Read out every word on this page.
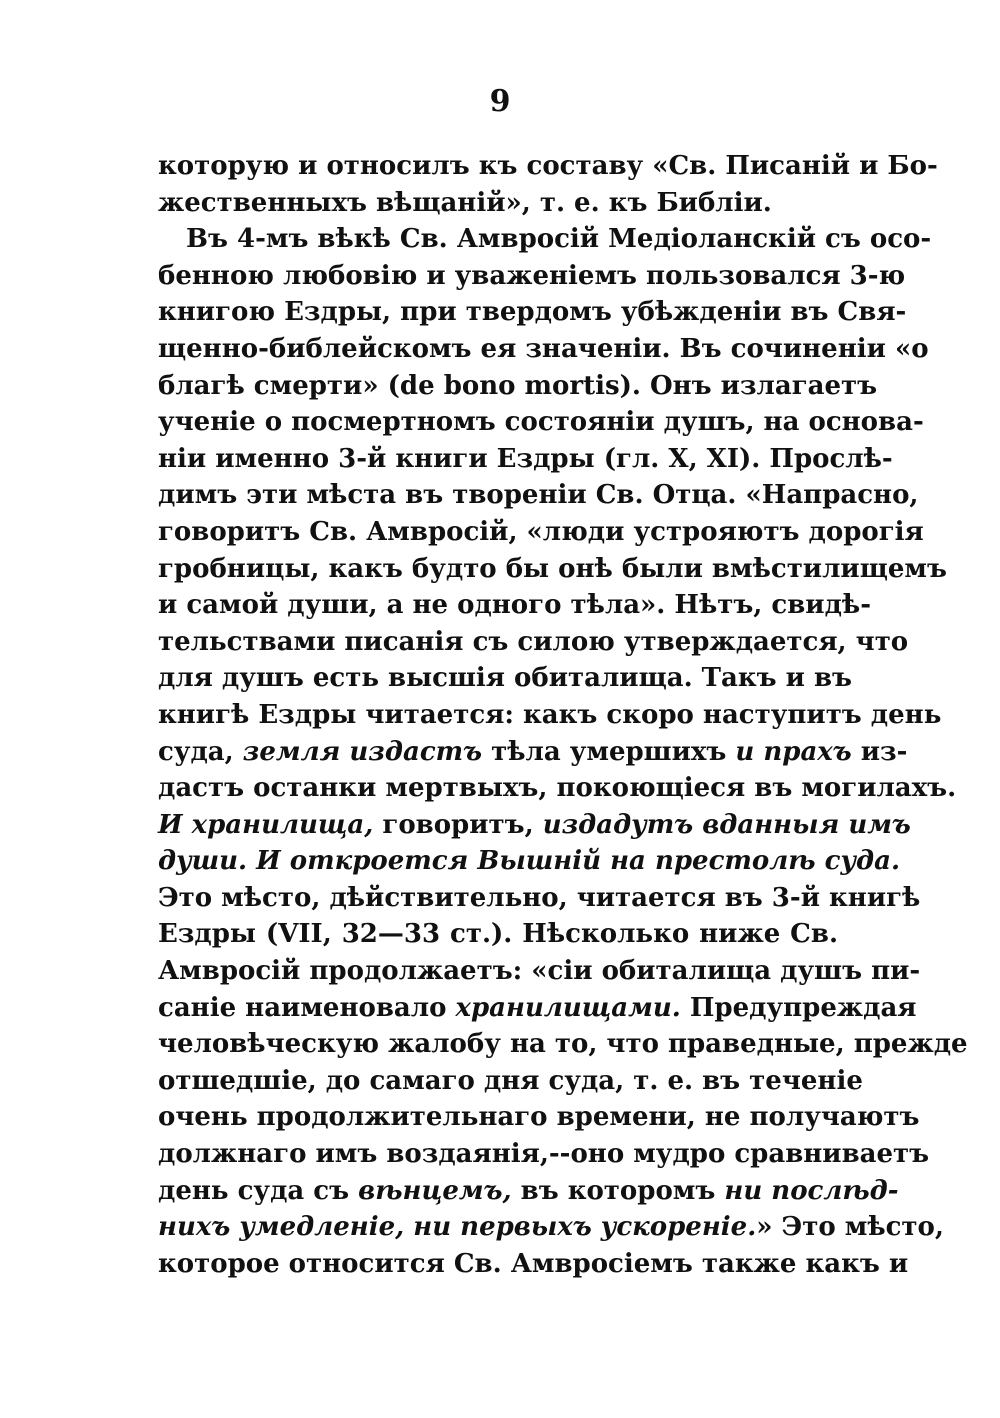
9
которую и относилъ къ составу «Св. Писаній и Бо-
жественныхъ вѣщаній», т. е. къ Библіи.
Въ 4-мъ вѣкѣ Св. Амвросій Медіоланскій съ осо-
бенною любовію и уваженіемъ пользовался 3-ю
книгою Ездры, при твердомъ убѣжденіи въ Свя-
щенно-библейскомъ ея значеніи. Въ сочиненіи «о
благѣ смерти» (de bono mortis). Онъ излагаетъ
ученіе о посмертномъ состояніи душъ, на основа-
ніи именно 3-й книги Ездры (гл. X, XI). Прослѣ-
димъ эти мѣста въ твореніи Св. Отца. «Напрасно,
говоритъ Св. Амвросій, «люди устрояютъ дорогія
гробницы, какъ будто бы онѣ были вмѣстилищемъ
и самой души, а не одного тѣла». Нѣтъ, свидѣ-
тельствами писанія съ силою утверждается, что
для душъ есть высшія обиталища. Такъ и въ
книгѣ Ездры читается: какъ скоро наступитъ день
суда, земля издастъ тѣла умершихъ и прахъ из-
дастъ останки мертвыхъ, покоющіеся въ могилахъ.
И хранилища, говоритъ, издадутъ вданныя имъ
души. И откроется Вышній на престолѣ суда.
Это мѣсто, дѣйствительно, читается въ 3-й книгѣ
Ездры (VII, 32—33 ст.). Нѣсколько ниже Св.
Амвросій продолжаетъ: «сіи обиталища душъ пи-
саніе наименовало хранилищами. Предупреждая
человѣческую жалобу на то, что праведные, прежде
отшедшіе, до самаго дня суда, т. е. въ теченіе
очень продолжительнаго времени, не получаютъ
должнаго имъ воздаянія,--оно мудро сравниваетъ
день суда съ вѣнцемъ, въ которомъ ни послѣд-
нихъ умедленіе, ни первыхъ ускореніе.» Это мѣсто,
которое относится Св. Амвросіемъ также какъ и
